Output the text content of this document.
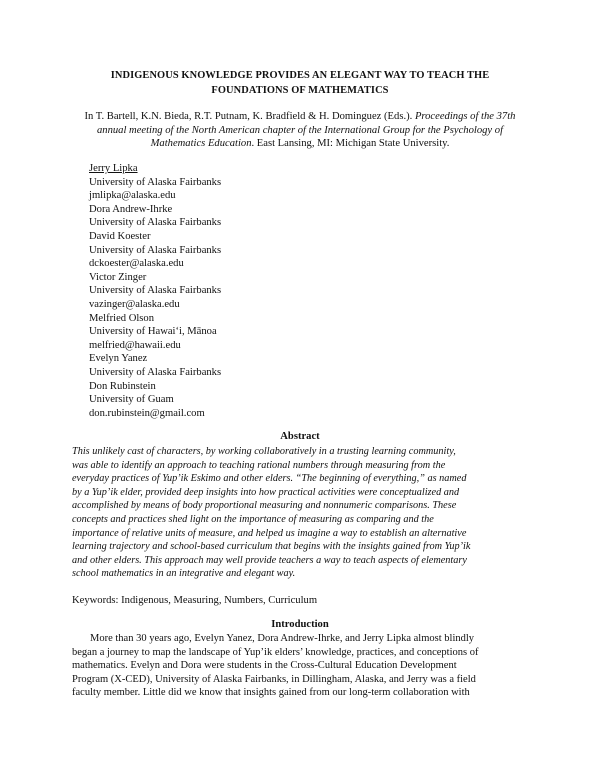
INDIGENOUS KNOWLEDGE PROVIDES AN ELEGANT WAY TO TEACH THE
FOUNDATIONS OF MATHEMATICS
In T. Bartell, K.N. Bieda, R.T. Putnam, K. Bradfield & H. Dominguez (Eds.). Proceedings of the 37th annual meeting of the North American chapter of the International Group for the Psychology of Mathematics Education. East Lansing, MI: Michigan State University.
Jerry Lipka
University of Alaska Fairbanks
jmlipka@alaska.edu
Dora Andrew-Ihrke
University of Alaska Fairbanks
David Koester
University of Alaska Fairbanks
dckoester@alaska.edu
Victor Zinger
University of Alaska Fairbanks
vazinger@alaska.edu
Melfried Olson
University of Hawaiʻi, Mānoa
melfried@hawaii.edu
Evelyn Yanez
University of Alaska Fairbanks
Don Rubinstein
University of Guam
don.rubinstein@gmail.com
Abstract
This unlikely cast of characters, by working collaboratively in a trusting learning community,
was able to identify an approach to teaching rational numbers through measuring from the
everyday practices of Yup’ik Eskimo and other elders. “The beginning of everything,” as named
by a Yup’ik elder, provided deep insights into how practical activities were conceptualized and
accomplished by means of body proportional measuring and nonnumeric comparisons. These
concepts and practices shed light on the importance of measuring as comparing and the
importance of relative units of measure, and helped us imagine a way to establish an alternative
learning trajectory and school-based curriculum that begins with the insights gained from Yup’ik
and other elders. This approach may well provide teachers a way to teach aspects of elementary
school mathematics in an integrative and elegant way.
Keywords: Indigenous, Measuring, Numbers, Curriculum
Introduction
More than 30 years ago, Evelyn Yanez, Dora Andrew-Ihrke, and Jerry Lipka almost blindly
began a journey to map the landscape of Yup’ik elders’ knowledge, practices, and conceptions of
mathematics. Evelyn and Dora were students in the Cross-Cultural Education Development
Program (X-CED), University of Alaska Fairbanks, in Dillingham, Alaska, and Jerry was a field
faculty member. Little did we know that insights gained from our long-term collaboration with
